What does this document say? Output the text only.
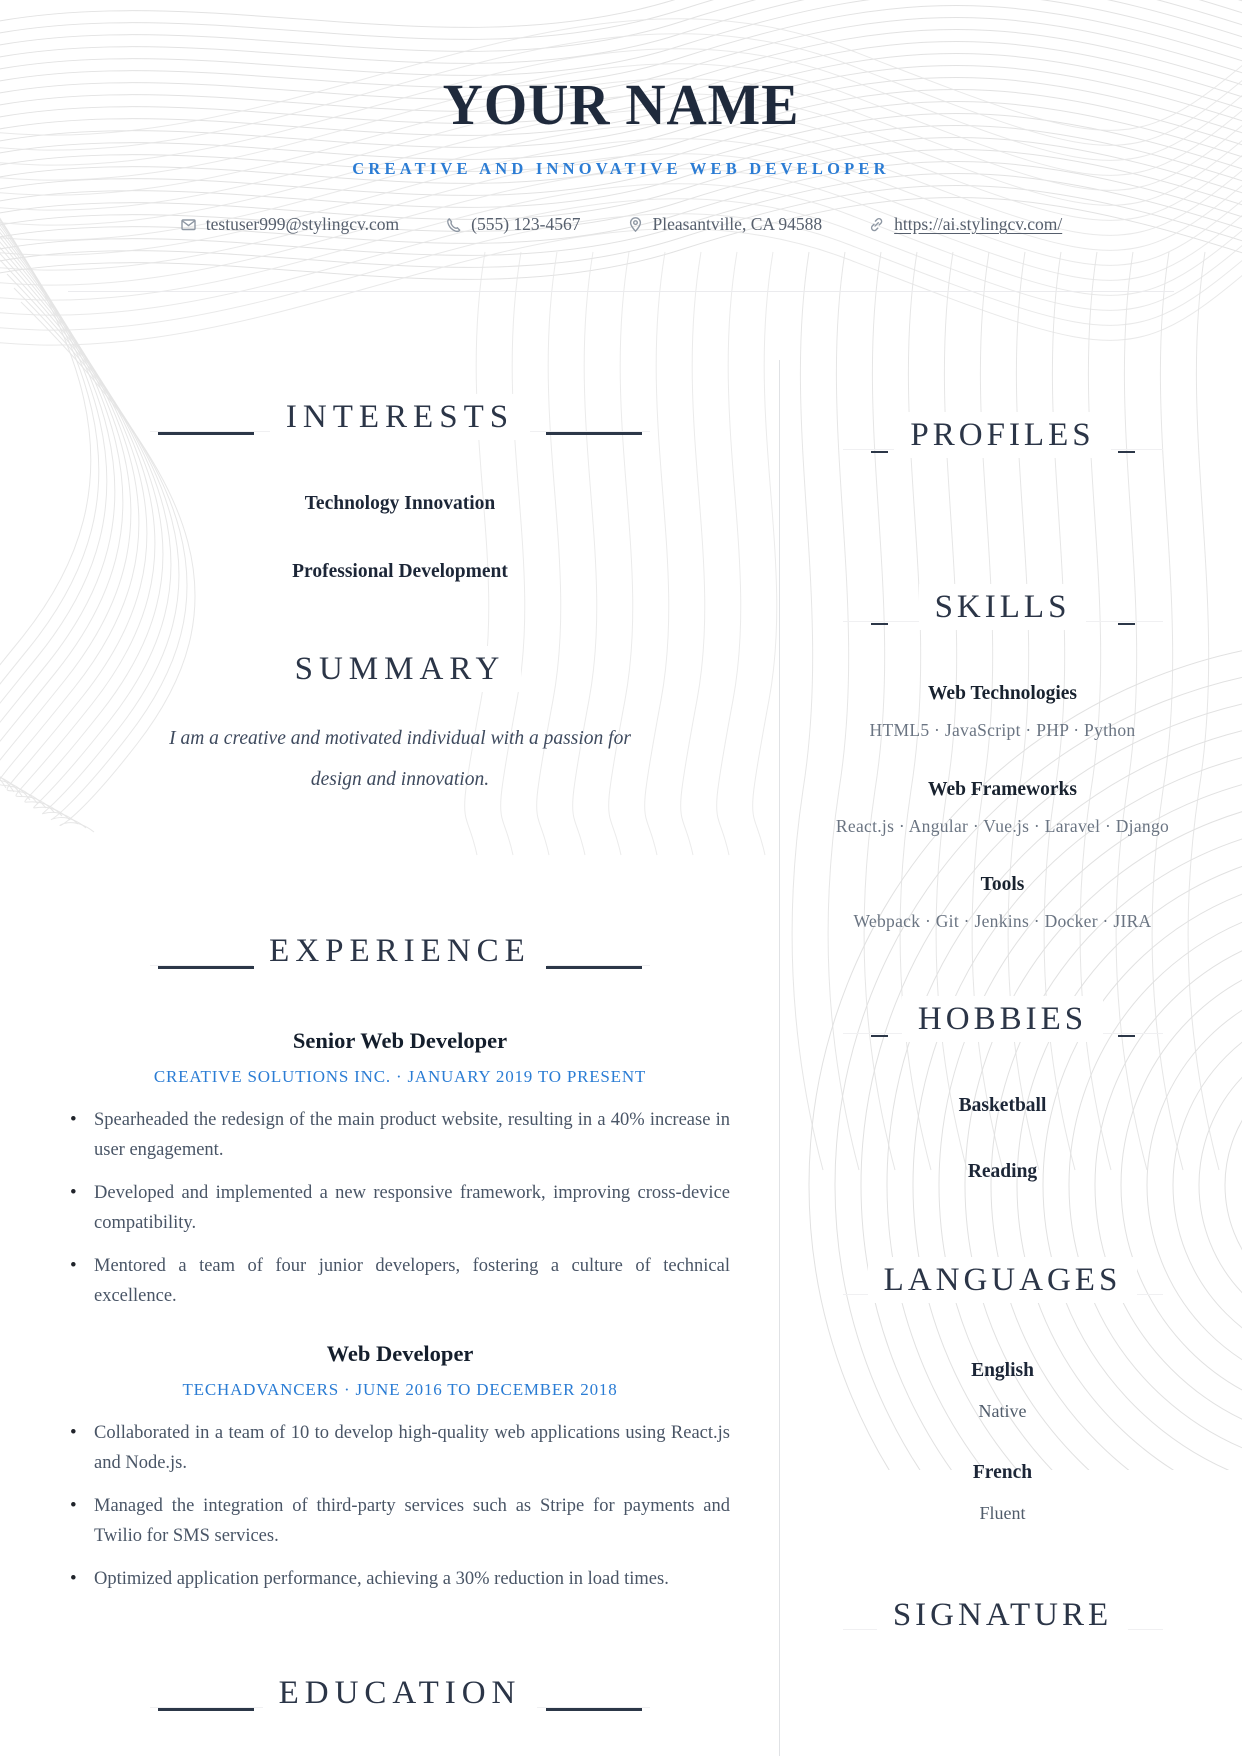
YOUR NAME
CREATIVE AND INNOVATIVE WEB DEVELOPER
testuser999@stylingcv.com	(555) 123-4567	Pleasantville, CA 94588	https://ai.stylingcv.com/
INTERESTS
Technology Innovation
Professional Development
SUMMARY
I am a creative and motivated individual with a passion for design and innovation.
EXPERIENCE
Senior Web Developer
CREATIVE SOLUTIONS INC. · JANUARY 2019 TO PRESENT
• Spearheaded the redesign of the main product website, resulting in a 40% increase in user engagement.
• Developed and implemented a new responsive framework, improving cross-device compatibility.
• Mentored a team of four junior developers, fostering a culture of technical excellence.
Web Developer
TECHADVANCERS · JUNE 2016 TO DECEMBER 2018
• Collaborated in a team of 10 to develop high-quality web applications using React.js and Node.js.
• Managed the integration of third-party services such as Stripe for payments and Twilio for SMS services.
• Optimized application performance, achieving a 30% reduction in load times.
EDUCATION
PROFILES
SKILLS
Web Technologies
HTML5 · JavaScript · PHP · Python
Web Frameworks
React.js · Angular · Vue.js · Laravel · Django
Tools
Webpack · Git · Jenkins · Docker · JIRA
HOBBIES
Basketball
Reading
LANGUAGES
English
Native
French
Fluent
SIGNATURE
